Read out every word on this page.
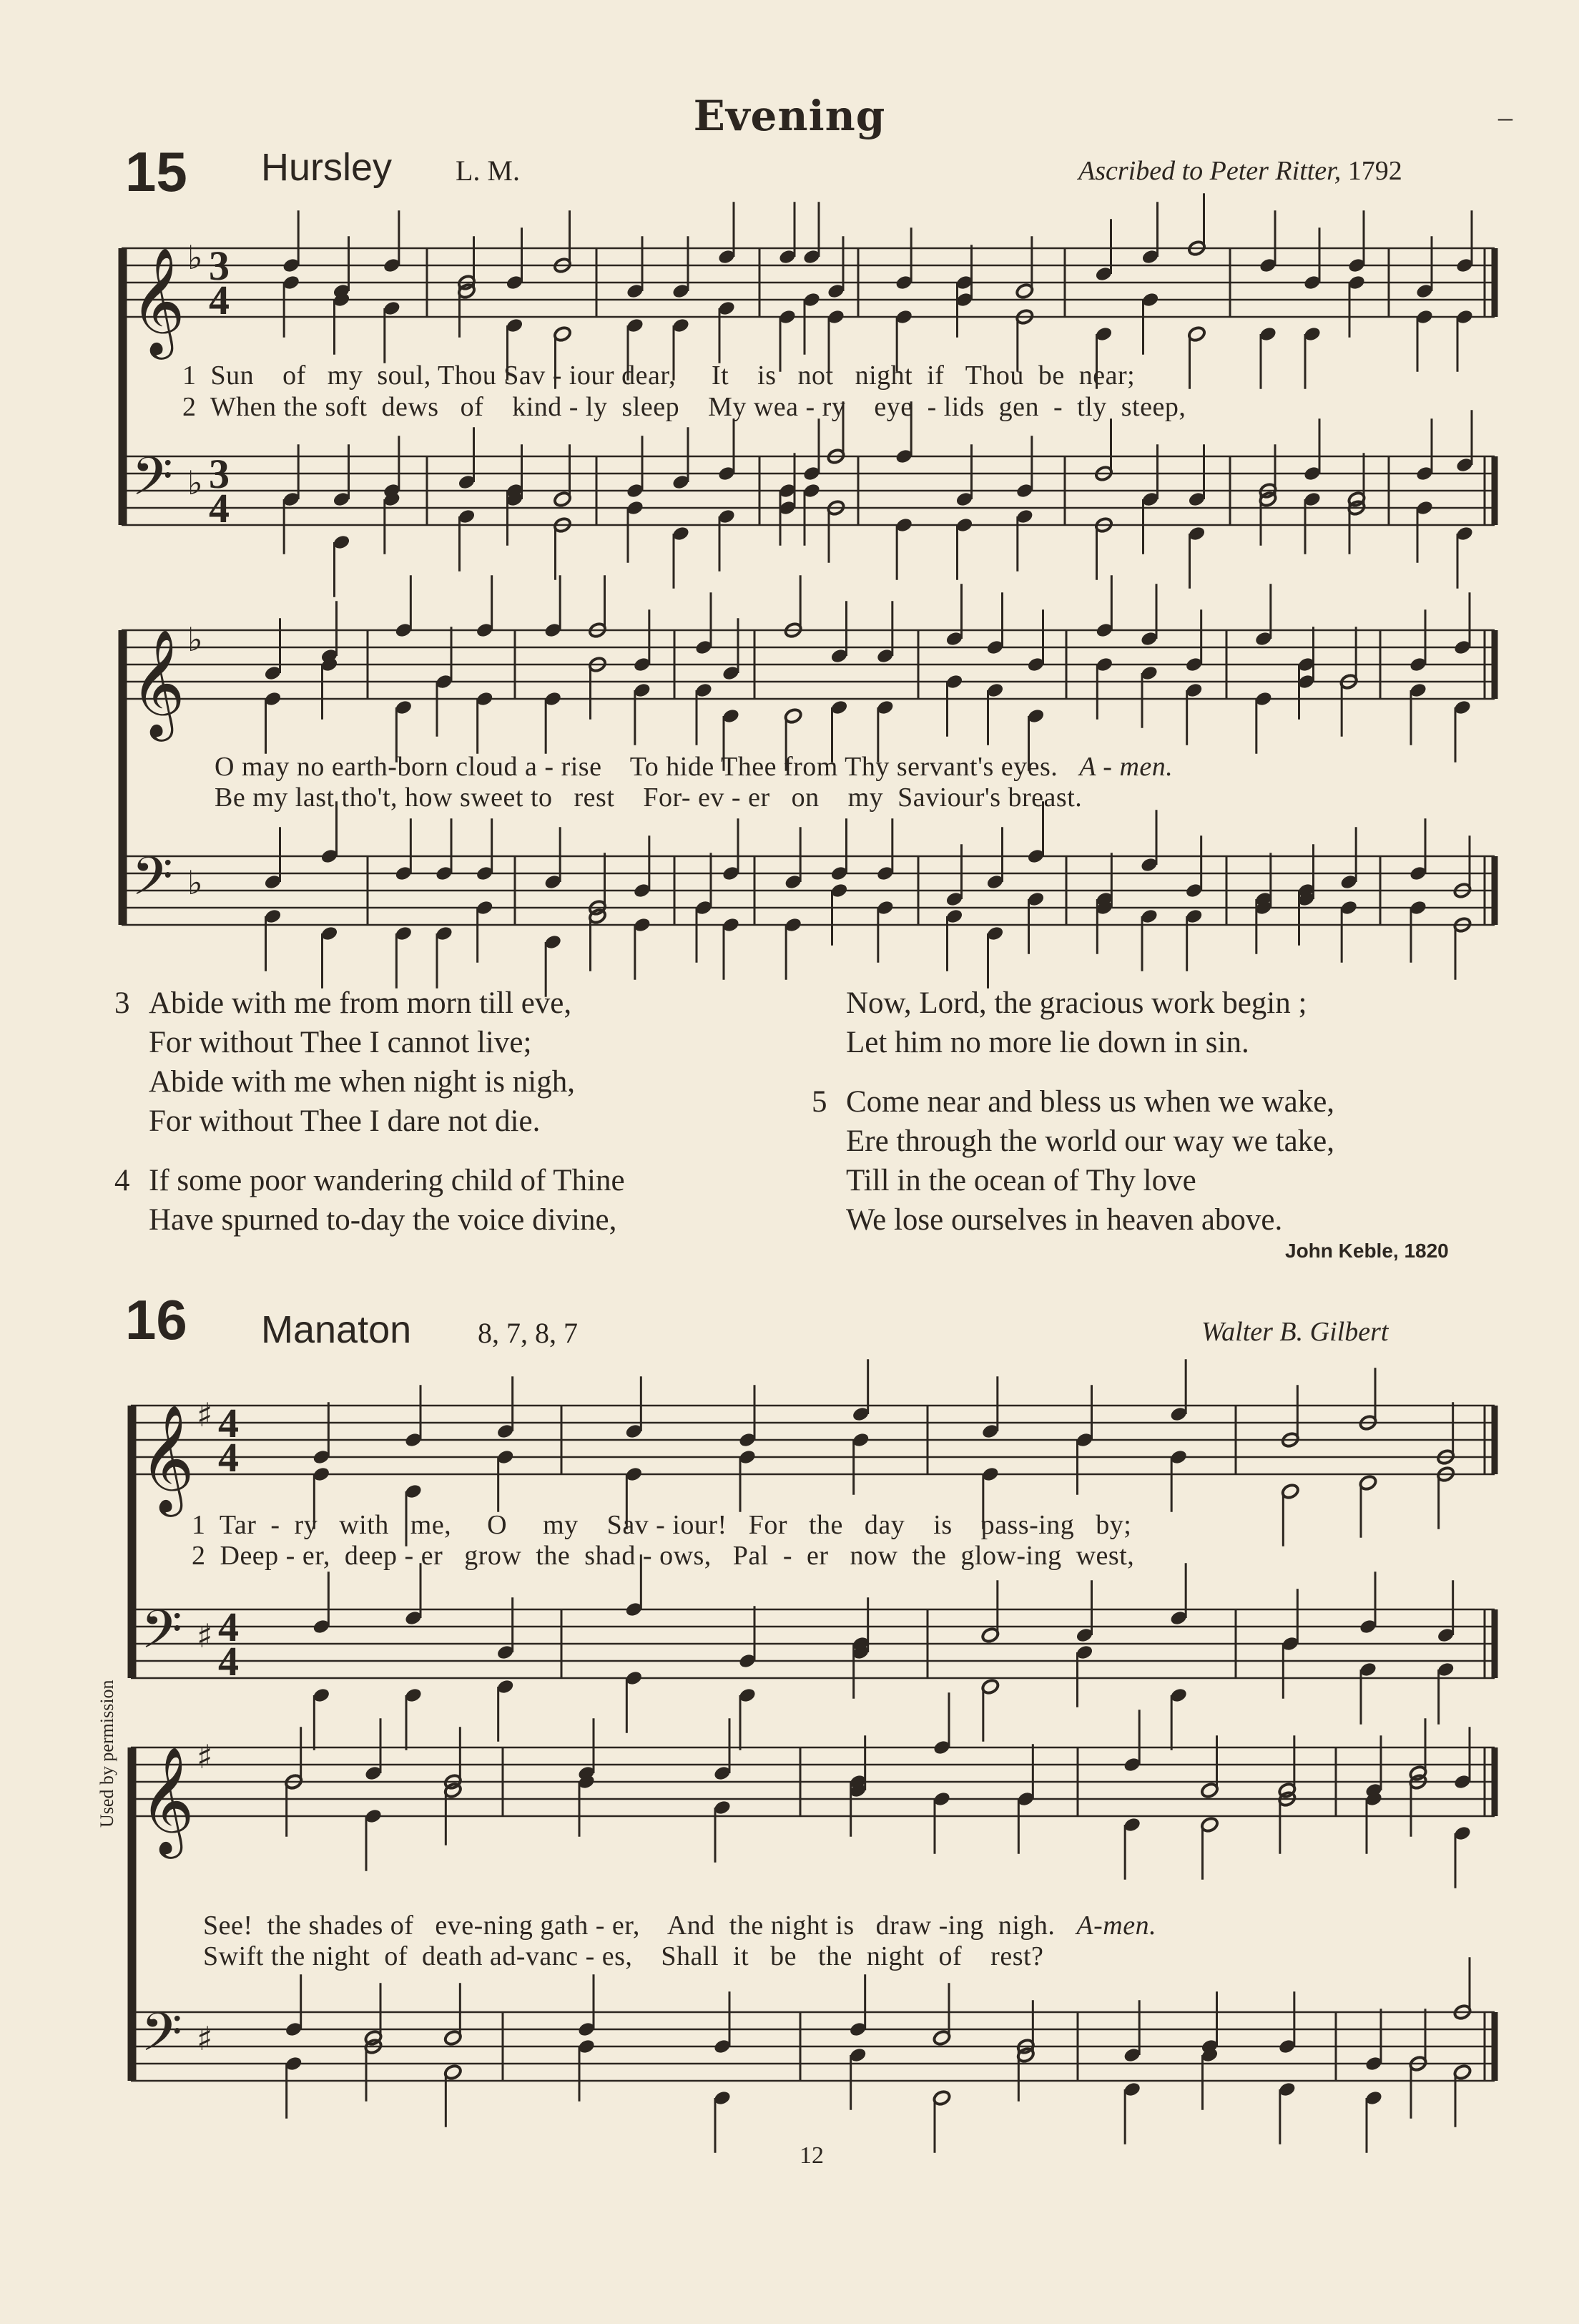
Evening	–
15 Hursley L. M.	Ascribed to Peter Ritter, 1792
𝄞
𝄢
♭
♭
3
4
3
4
𝄞
𝄢
♭
♭
𝄞
𝄢
♯
♯
4
4
4
4
𝄞
𝄢
♯
♯
1  Sun    of   my  soul, Thou Sav - iour dear,     It    is   not   night  if   Thou  be  near;
2  When the soft  dews   of    kind - ly  sleep    My wea - ry    eye  - lids  gen  -  tly  steep,
O may no earth-born cloud a - rise    To hide Thee from Thy servant's eyes. A - men.
Be my last tho't, how sweet to   rest    For- ev - er   on    my  Saviour's breast.
3 Abide with me from morn till eve,
For without Thee I cannot live;
Abide with me when night is nigh,
For without Thee I dare not die.
4 If some poor wandering child of Thine
Have spurned to-day the voice divine,
Now, Lord, the gracious work begin ;
Let him no more lie down in sin.
5 Come near and bless us when we wake,
Ere through the world our way we take,
Till in the ocean of Thy love
We lose ourselves in heaven above.
John Keble, 1820
16 Manaton 8, 7, 8, 7	Walter B. Gilbert
1  Tar  -  ry   with   me,     O     my    Sav - iour!   For   the   day    is    pass-ing   by;
2  Deep - er,  deep - er   grow  the  shad - ows,   Pal  -  er   now  the  glow-ing  west,
See!  the shades of   eve-ning gath - er,    And  the night is   draw -ing  nigh. A-men.
Swift the night  of  death ad-vanc - es,    Shall  it   be   the  night  of    rest?
Used by permission
12
